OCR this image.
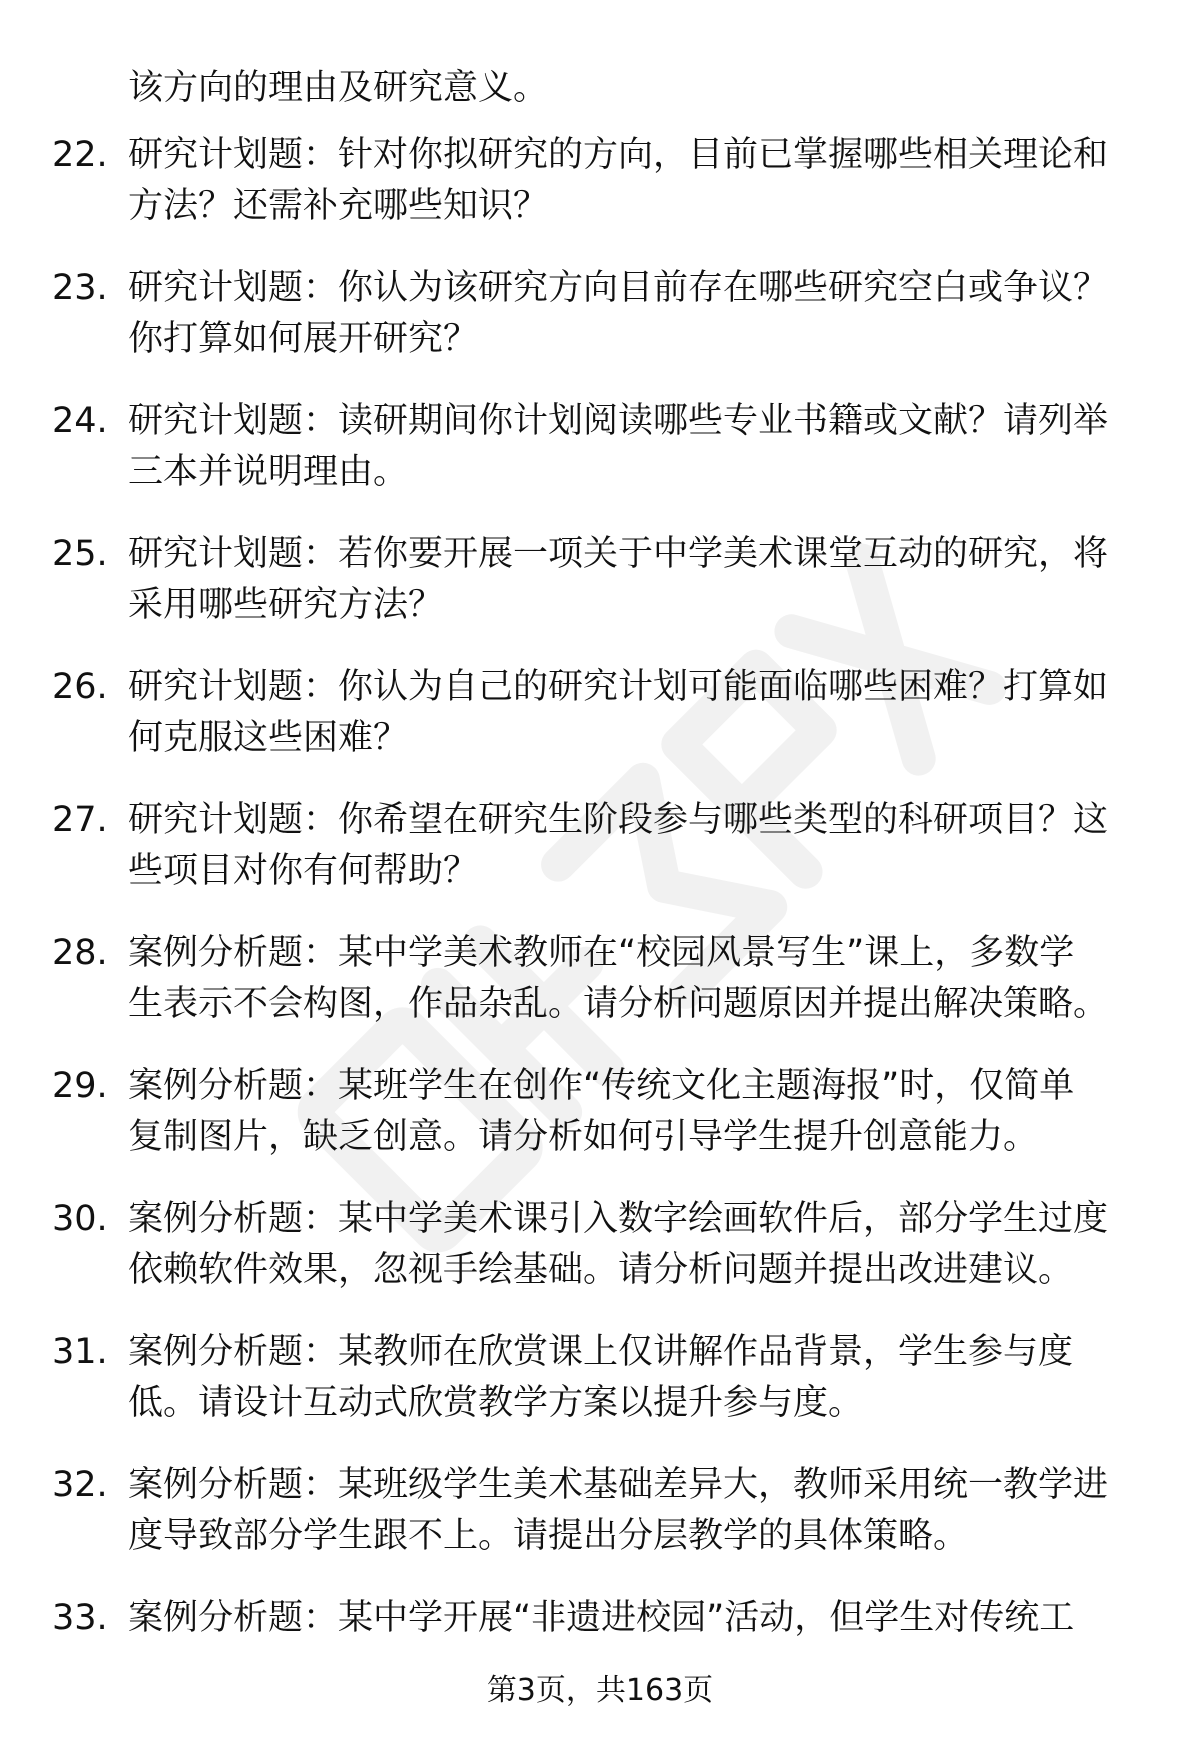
该方向的理由及研究意义。
22. 研究计划题：针对你拟研究的方向，目前已掌握哪些相关理论和
方法？还需补充哪些知识？
23. 研究计划题：你认为该研究方向目前存在哪些研究空白或争议？
你打算如何展开研究？
24. 研究计划题：读研期间你计划阅读哪些专业书籍或文献？请列举
三本并说明理由。
25. 研究计划题：若你要开展一项关于中学美术课堂互动的研究，将
采用哪些研究方法？
26. 研究计划题：你认为自己的研究计划可能面临哪些困难？打算如
何克服这些困难？
27. 研究计划题：你希望在研究生阶段参与哪些类型的科研项目？这
些项目对你有何帮助？
28. 案例分析题：某中学美术教师在“校园风景写生”课上，多数学
生表示不会构图，作品杂乱。请分析问题原因并提出解决策略。
29. 案例分析题：某班学生在创作“传统文化主题海报”时，仅简单
复制图片，缺乏创意。请分析如何引导学生提升创意能力。
30. 案例分析题：某中学美术课引入数字绘画软件后，部分学生过度
依赖软件效果，忽视手绘基础。请分析问题并提出改进建议。
31. 案例分析题：某教师在欣赏课上仅讲解作品背景，学生参与度
低。请设计互动式欣赏教学方案以提升参与度。
32. 案例分析题：某班级学生美术基础差异大，教师采用统一教学进
度导致部分学生跟不上。请提出分层教学的具体策略。
33. 案例分析题：某中学开展“非遗进校园”活动，但学生对传统工
第3页，共163页
